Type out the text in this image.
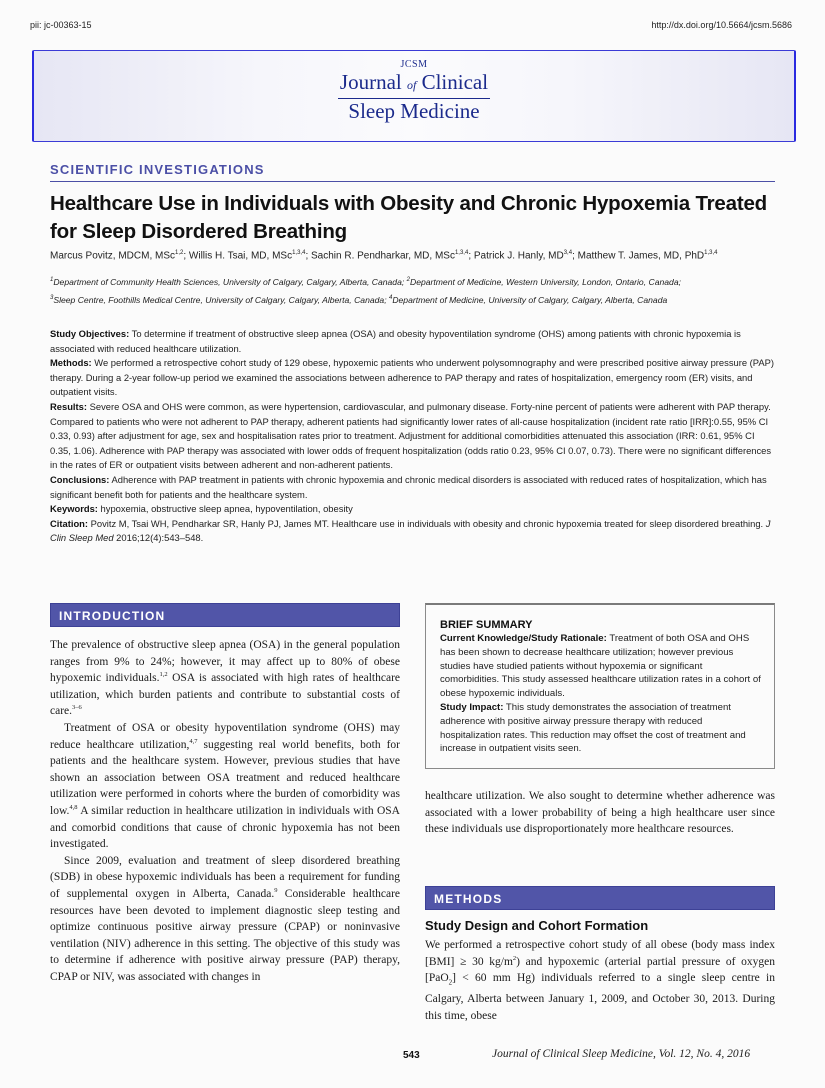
pii: jc-00363-15	http://dx.doi.org/10.5664/jcsm.5686
JCSM
Journal of Clinical
Sleep Medicine
SCIENTIFIC INVESTIGATIONS
Healthcare Use in Individuals with Obesity and Chronic Hypoxemia Treated for Sleep Disordered Breathing
Marcus Povitz, MDCM, MSc$^{1,2}$; Willis H. Tsai, MD, MSc$^{1,3,4}$; Sachin R. Pendharkar, MD, MSc$^{1,3,4}$; Patrick J. Hanly, MD$^{3,4}$; Matthew T. James, MD, PhD$^{1,3,4}$
$^1$Department of Community Health Sciences, University of Calgary, Calgary, Alberta, Canada; $^2$Department of Medicine, Western University, London, Ontario, Canada;
$^3$Sleep Centre, Foothills Medical Centre, University of Calgary, Calgary, Alberta, Canada; $^4$Department of Medicine, University of Calgary, Calgary, Alberta, Canada

Study Objectives: To determine if treatment of obstructive sleep apnea (OSA) and obesity hypoventilation syndrome (OHS) among patients with chronic hypoxemia is associated with reduced healthcare utilization.

Methods: We performed a retrospective cohort study of 129 obese, hypoxemic patients who underwent polysomnography and were prescribed positive airway pressure (PAP) therapy. During a 2-year follow-up period we examined the associations between adherence to PAP therapy and rates of hospitalization, emergency room (ER) visits, and outpatient visits.

Results: Severe OSA and OHS were common, as were hypertension, cardiovascular, and pulmonary disease. Forty-nine percent of patients were adherent with PAP therapy. Compared to patients who were not adherent to PAP therapy, adherent patients had significantly lower rates of all-cause hospitalization (incident rate ratio [IRR]:0.55, 95% CI 0.33, 0.93) after adjustment for age, sex and hospitalisation rates prior to treatment. Adjustment for additional comorbidities attenuated this association (IRR: 0.61, 95% CI 0.35, 1.06). Adherence with PAP therapy was associated with lower odds of frequent hospitalization (odds ratio 0.23, 95% CI 0.07, 0.73). There were no significant differences in the rates of ER or outpatient visits between adherent and non-adherent patients.

Conclusions: Adherence with PAP treatment in patients with chronic hypoxemia and chronic medical disorders is associated with reduced rates of hospitalization, which has significant benefit both for patients and the healthcare system.

Keywords: hypoxemia, obstructive sleep apnea, hypoventilation, obesity

Citation: Povitz M, Tsai WH, Pendharkar SR, Hanly PJ, James MT. Healthcare use in individuals with obesity and chronic hypoxemia treated for sleep disordered breathing. J Clin Sleep Med 2016;12(4):543–548.

INTRODUCTION

The prevalence of obstructive sleep apnea (OSA) in the general population ranges from 9% to 24%; however, it may affect up to 80% of obese hypoxemic individuals.$^{1,2}$ OSA is associated with high rates of healthcare utilization, which burden patients and contribute to substantial costs of care.$^{3-6}$

Treatment of OSA or obesity hypoventilation syndrome (OHS) may reduce healthcare utilization,$^{4,7}$ suggesting real world benefits, both for patients and the healthcare system. However, previous studies that have shown an association between OSA treatment and reduced healthcare utilization were performed in cohorts where the burden of comorbidity was low.$^{4,8}$ A similar reduction in healthcare utilization in individuals with OSA and comorbid conditions that cause of chronic hypoxemia has not been investigated.

Since 2009, evaluation and treatment of sleep disordered breathing (SDB) in obese hypoxemic individuals has been a requirement for funding of supplemental oxygen in Alberta, Canada.$^9$ Considerable healthcare resources have been devoted to implement diagnostic sleep testing and optimize continuous positive airway pressure (CPAP) or noninvasive ventilation (NIV) adherence in this setting. The objective of this study was to determine if adherence with positive airway pressure (PAP) therapy, CPAP or NIV, was associated with changes in

BRIEF SUMMARY

Current Knowledge/Study Rationale: Treatment of both OSA and OHS has been shown to decrease healthcare utilization; however previous studies have studied patients without hypoxemia or significant comorbidities. This study assessed healthcare utilization rates in a cohort of obese hypoxemic individuals.

Study Impact: This study demonstrates the association of treatment adherence with positive airway pressure therapy with reduced hospitalization rates. This reduction may offset the cost of treatment and increase in outpatient visits seen.

healthcare utilization. We also sought to determine whether adherence was associated with a lower probability of being a high healthcare user since these individuals use disproportionately more healthcare resources.

METHODS
Study Design and Cohort Formation

We performed a retrospective cohort study of all obese (body mass index [BMI] ≥ 30 $kg/m^2$) and hypoxemic (arterial partial pressure of oxygen [PaO$_2$] < 60 mm Hg) individuals referred to a single sleep centre in Calgary, Alberta between January 1, 2009, and October 30, 2013. During this time, obese

543	Journal of Clinical Sleep Medicine, Vol. 12, No. 4, 2016
